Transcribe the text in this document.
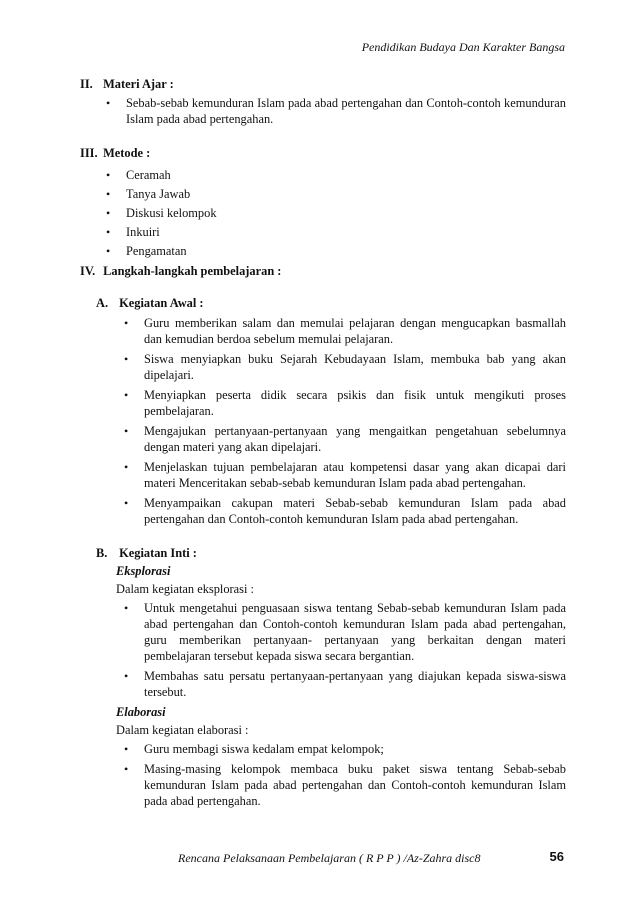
Pendidikan Budaya Dan Karakter Bangsa
II. Materi Ajar :
• Sebab-sebab kemunduran Islam pada abad pertengahan dan Contoh-contoh kemunduran Islam pada abad pertengahan.
III. Metode :
• Ceramah
• Tanya Jawab
• Diskusi kelompok
• Inkuiri
• Pengamatan
IV. Langkah-langkah pembelajaran :
A. Kegiatan Awal :
• Guru memberikan salam dan memulai pelajaran dengan mengucapkan basmallah dan kemudian berdoa sebelum memulai pelajaran.
• Siswa menyiapkan buku Sejarah Kebudayaan Islam, membuka bab yang akan dipelajari.
• Menyiapkan peserta didik secara psikis dan fisik untuk mengikuti proses pembelajaran.
• Mengajukan pertanyaan-pertanyaan yang mengaitkan pengetahuan sebelumnya dengan materi yang akan dipelajari.
• Menjelaskan tujuan pembelajaran atau kompetensi dasar yang akan dicapai dari materi Menceritakan sebab-sebab kemunduran Islam pada abad pertengahan.
• Menyampaikan cakupan materi Sebab-sebab kemunduran Islam pada abad pertengahan dan Contoh-contoh kemunduran Islam pada abad pertengahan.
B. Kegiatan Inti :
Eksplorasi
Dalam kegiatan eksplorasi :
• Untuk mengetahui penguasaan siswa tentang Sebab-sebab kemunduran Islam pada abad pertengahan dan Contoh-contoh kemunduran Islam pada abad pertengahan, guru memberikan pertanyaan- pertanyaan yang berkaitan dengan materi pembelajaran tersebut kepada siswa secara bergantian.
• Membahas satu persatu pertanyaan-pertanyaan yang diajukan kepada siswa-siswa tersebut.
Elaborasi
Dalam kegiatan elaborasi :
• Guru membagi siswa kedalam empat kelompok;
• Masing-masing kelompok membaca buku paket siswa tentang Sebab-sebab kemunduran Islam pada abad pertengahan dan Contoh-contoh kemunduran Islam pada abad pertengahan.
Rencana Pelaksanaan Pembelajaran ( R P P ) /Az-Zahra disc8	56
